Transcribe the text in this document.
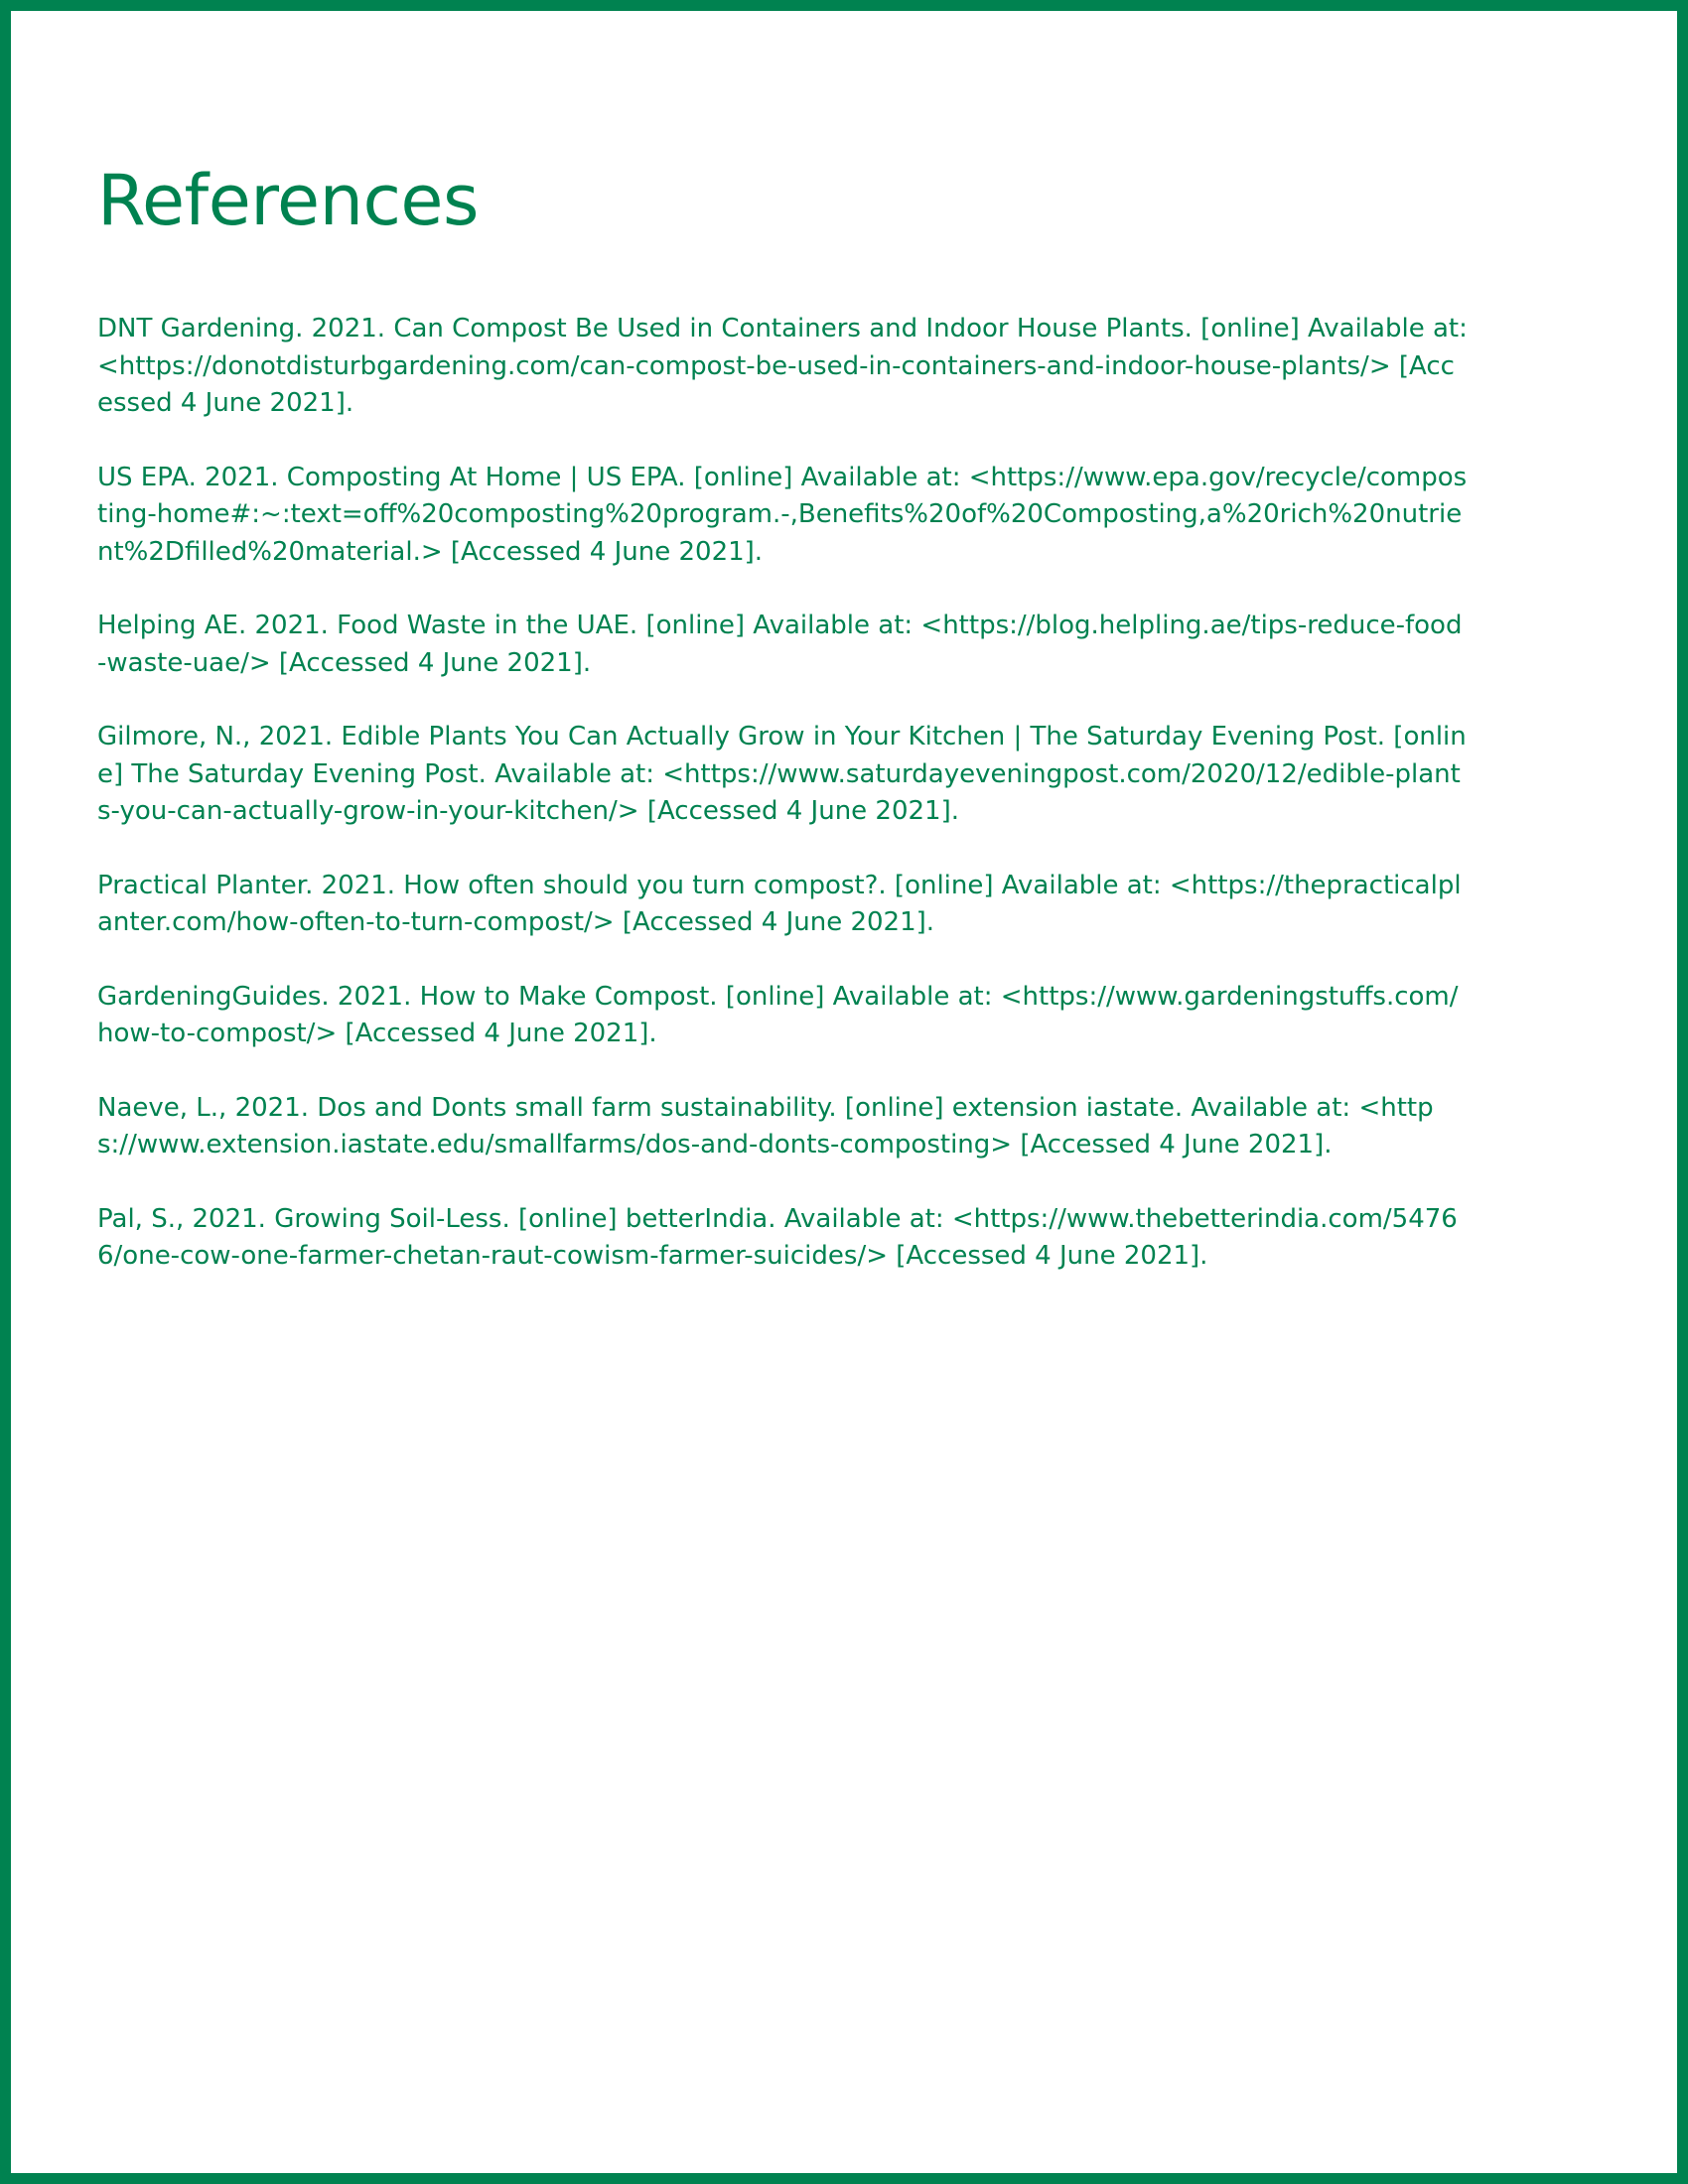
References

DNT Gardening. 2021. Can Compost Be Used in Containers and Indoor House Plants. [online] Available at: <https://donotdisturbgardening.com/can-compost-be-used-in-containers-and-indoor-house-plants/> [Accessed 4 June 2021].

US EPA. 2021. Composting At Home | US EPA. [online] Available at: <https://www.epa.gov/recycle/composting-home#:~:text=off%20composting%20program.-,Benefits%20of%20Composting,a%20rich%20nutrient%2Dfilled%20material.> [Accessed 4 June 2021].

Helping AE. 2021. Food Waste in the UAE. [online] Available at: <https://blog.helpling.ae/tips-reduce-food-waste-uae/> [Accessed 4 June 2021].

Gilmore, N., 2021. Edible Plants You Can Actually Grow in Your Kitchen | The Saturday Evening Post. [online] The Saturday Evening Post. Available at: <https://www.saturdayeveningpost.com/2020/12/edible-plants-you-can-actually-grow-in-your-kitchen/> [Accessed 4 June 2021].

Practical Planter. 2021. How often should you turn compost?. [online] Available at: <https://thepracticalplanter.com/how-often-to-turn-compost/> [Accessed 4 June 2021].

GardeningGuides. 2021. How to Make Compost. [online] Available at: <https://www.gardeningstuffs.com/how-to-compost/> [Accessed 4 June 2021].

Naeve, L., 2021. Dos and Donts small farm sustainability. [online] extension iastate. Available at: <https://www.extension.iastate.edu/smallfarms/dos-and-donts-composting> [Accessed 4 June 2021].

Pal, S., 2021. Growing Soil-Less. [online] betterIndia. Available at: <https://www.thebetterindia.com/54766/one-cow-one-farmer-chetan-raut-cowism-farmer-suicides/> [Accessed 4 June 2021].
